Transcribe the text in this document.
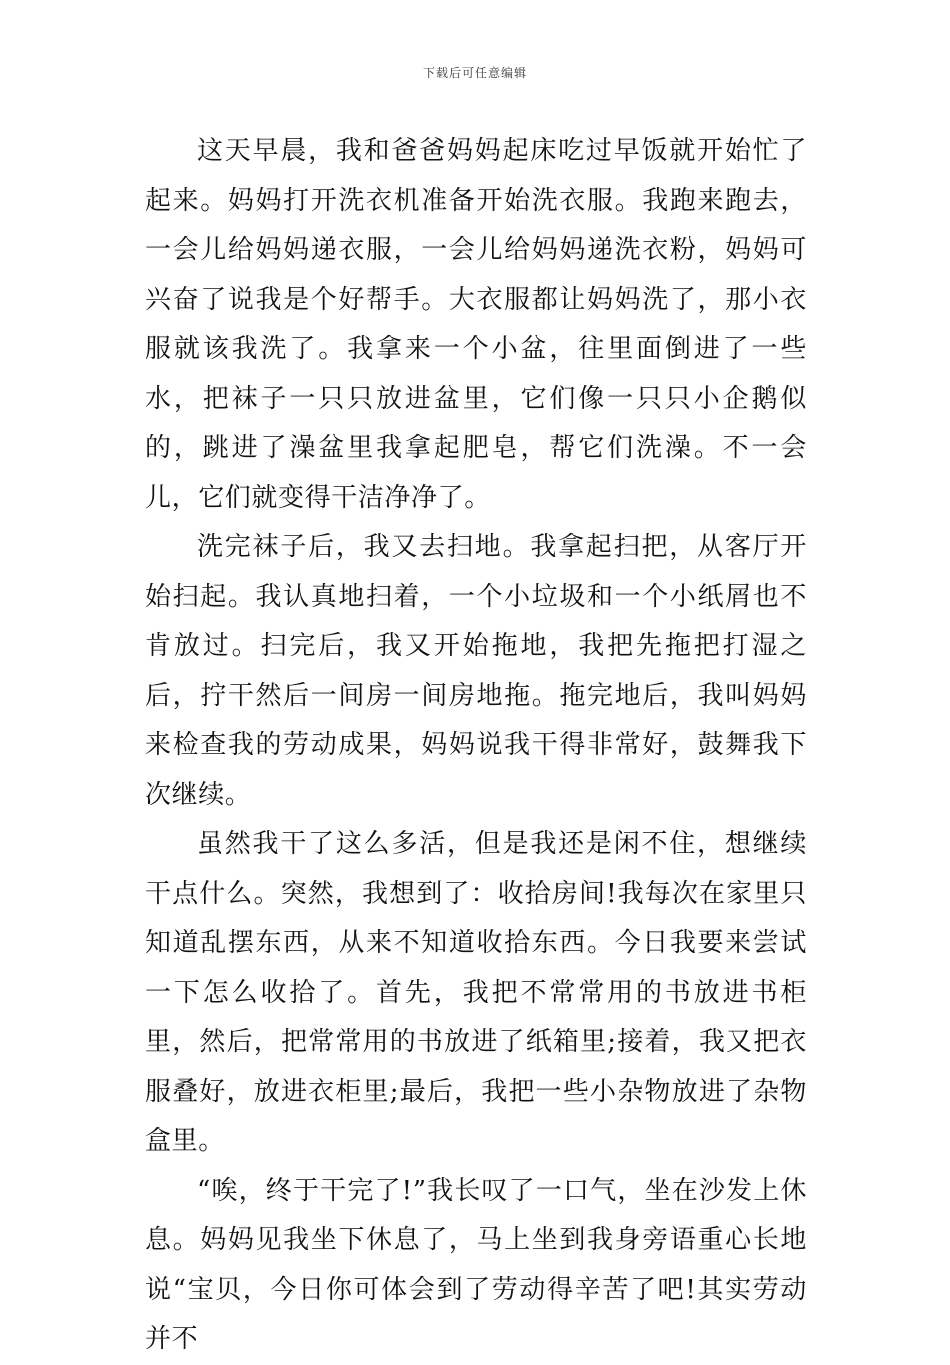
下载后可任意编辑

这天早晨，我和爸爸妈妈起床吃过早饭就开始忙了起来。妈妈打开洗衣机准备开始洗衣服。我跑来跑去，一会儿给妈妈递衣服，一会儿给妈妈递洗衣粉，妈妈可兴奋了说我是个好帮手。大衣服都让妈妈洗了，那小衣服就该我洗了。我拿来一个小盆，往里面倒进了一些水，把袜子一只只放进盆里，它们像一只只小企鹅似的，跳进了澡盆里我拿起肥皂，帮它们洗澡。不一会儿，它们就变得干洁净净了。

洗完袜子后，我又去扫地。我拿起扫把，从客厅开始扫起。我认真地扫着，一个小垃圾和一个小纸屑也不肯放过。扫完后，我又开始拖地，我把先拖把打湿之后，拧干然后一间房一间房地拖。拖完地后，我叫妈妈来检查我的劳动成果，妈妈说我干得非常好，鼓舞我下次继续。

虽然我干了这么多活，但是我还是闲不住，想继续干点什么。突然，我想到了：收拾房间!我每次在家里只知道乱摆东西，从来不知道收拾东西。今日我要来尝试一下怎么收拾了。首先，我把不常常用的书放进书柜里，然后，把常常用的书放进了纸箱里;接着，我又把衣服叠好，放进衣柜里;最后，我把一些小杂物放进了杂物盒里。

“唉，终于干完了!”我长叹了一口气，坐在沙发上休息。妈妈见我坐下休息了，马上坐到我身旁语重心长地说“宝贝，今日你可体会到了劳动得辛苦了吧!其实劳动并不
